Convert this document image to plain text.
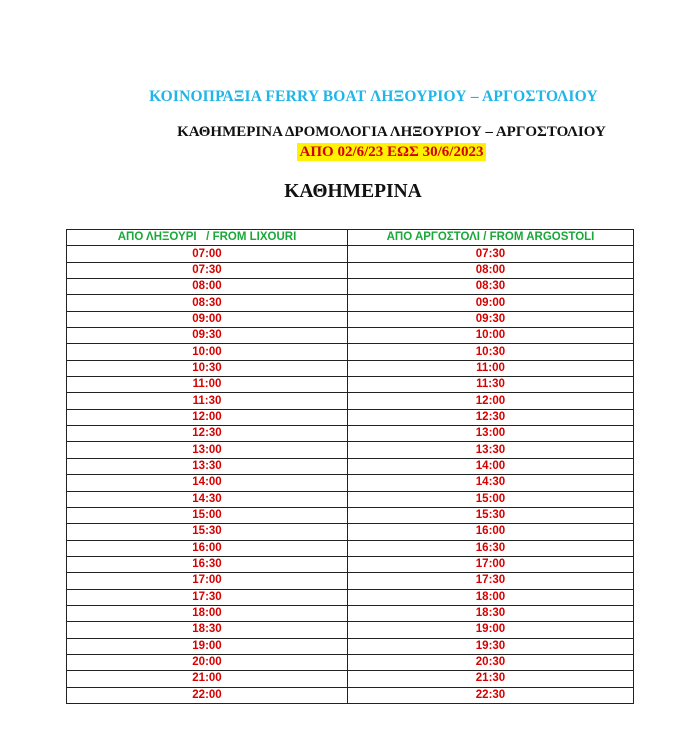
ΚΟΙΝΟΠΡΑΞΙΑ FERRY BOAT ΛΗΞΟΥΡΙΟΥ – ΑΡΓΟΣΤΟΛΙΟΥ
ΚΑΘΗΜΕΡΙΝΑ ΔΡΟΜΟΛΟΓΙΑ ΛΗΞΟΥΡΙΟΥ – ΑΡΓΟΣΤΟΛΙΟΥ
ΑΠΟ 02/6/23 ΕΩΣ 30/6/2023
ΚΑΘΗΜΕΡΙΝΑ
ΑΠΟ ΛΗΞΟΥΡΙ   / FROM LIXOURI	ΑΠΟ ΑΡΓΟΣΤΟΛΙ / FROM ARGOSTOLI
07:00	07:30
07:30	08:00
08:00	08:30
08:30	09:00
09:00	09:30
09:30	10:00
10:00	10:30
10:30	11:00
11:00	11:30
11:30	12:00
12:00	12:30
12:30	13:00
13:00	13:30
13:30	14:00
14:00	14:30
14:30	15:00
15:00	15:30
15:30	16:00
16:00	16:30
16:30	17:00
17:00	17:30
17:30	18:00
18:00	18:30
18:30	19:00
19:00	19:30
20:00	20:30
21:00	21:30
22:00	22:30
